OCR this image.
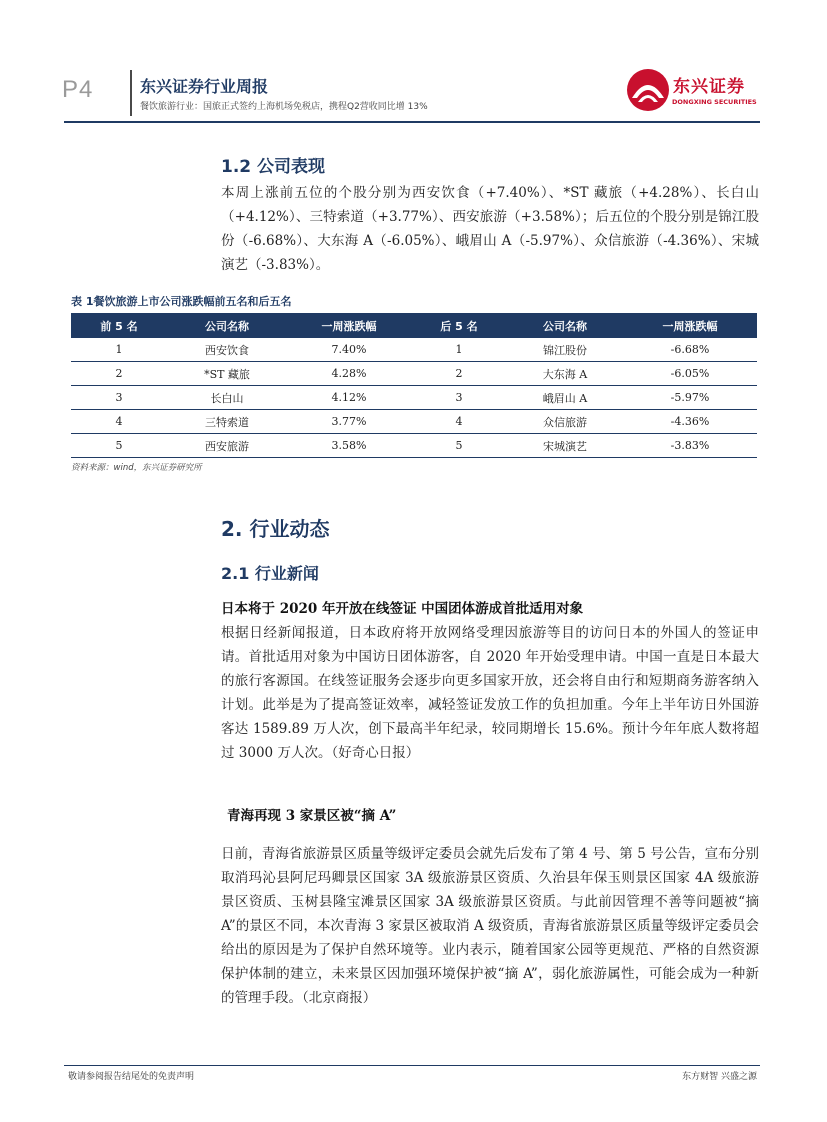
P4	东兴证券行业周报
餐饮旅游行业：国旅正式签约上海机场免税店，携程Q2营收同比增 13%
东兴证券
DONGXING SECURITIES
1.2 公司表现

本周上涨前五位的个股分别为西安饮食（+7.40%）、*ST 藏旅（+4.28%）、长白山（+4.12%）、三特索道（+3.77%）、西安旅游（+3.58%）；后五位的个股分别是锦江股份（-6.68%）、大东海 A（-6.05%）、峨眉山 A（-5.97%）、众信旅游（-4.36%）、宋城演艺（-3.83%）。

表 1餐饮旅游上市公司涨跌幅前五名和后五名
前 5 名	公司名称	一周涨跌幅	后 5 名	公司名称	一周涨跌幅
1	西安饮食	7.40%	1	锦江股份	-6.68%
2	*ST 藏旅	4.28%	2	大东海 A	-6.05%
3	长白山	4.12%	3	峨眉山 A	-5.97%
4	三特索道	3.77%	4	众信旅游	-4.36%
5	西安旅游	3.58%	5	宋城演艺	-3.83%
资料来源：wind，东兴证券研究所
2. 行业动态
2.1 行业新闻
日本将于 2020 年开放在线签证 中国团体游成首批适用对象

根据日经新闻报道，日本政府将开放网络受理因旅游等目的访问日本的外国人的签证申请。首批适用对象为中国访日团体游客，自 2020 年开始受理申请。中国一直是日本最大的旅行客源国。在线签证服务会逐步向更多国家开放，还会将自由行和短期商务游客纳入计划。此举是为了提高签证效率，减轻签证发放工作的负担加重。今年上半年访日外国游客达 1589.89 万人次，创下最高半年纪录，较同期增长 15.6%。预计今年年底人数将超过 3000 万人次。（好奇心日报）

青海再现 3 家景区被“摘 A”

日前，青海省旅游景区质量等级评定委员会就先后发布了第 4 号、第 5 号公告，宣布分别取消玛沁县阿尼玛卿景区国家 3A 级旅游景区资质、久治县年保玉则景区国家 4A 级旅游景区资质、玉树县隆宝滩景区国家 3A 级旅游景区资质。与此前因管理不善等问题被“摘 A”的景区不同，本次青海 3 家景区被取消 A 级资质，青海省旅游景区质量等级评定委员会给出的原因是为了保护自然环境等。业内表示，随着国家公园等更规范、严格的自然资源保护体制的建立，未来景区因加强环境保护被“摘 A”，弱化旅游属性，可能会成为一种新的管理手段。（北京商报）

敬请参阅报告结尾处的免责声明	东方财智 兴盛之源
